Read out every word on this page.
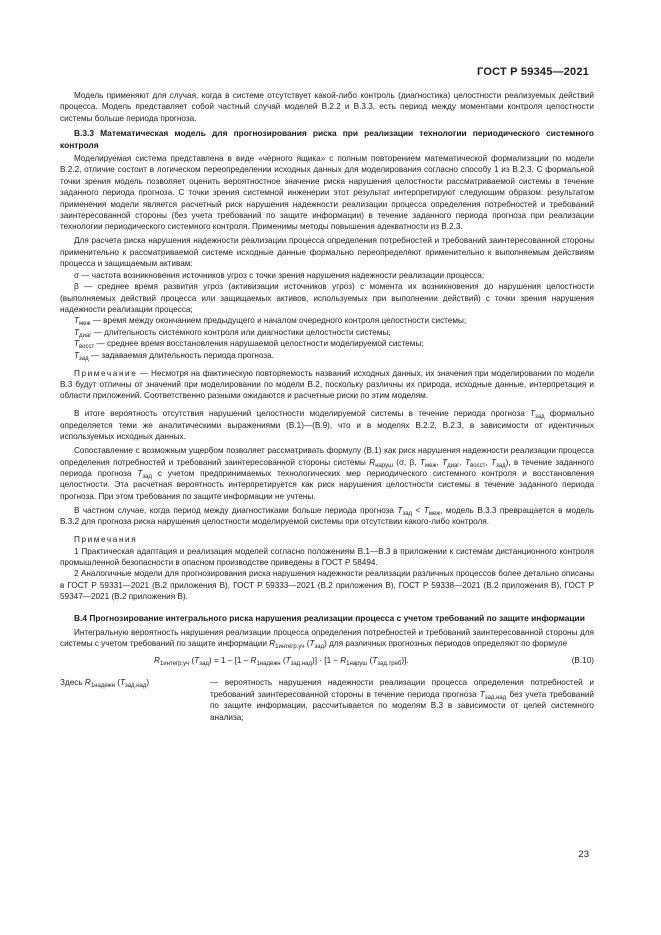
ГОСТ Р 59345—2021

Модель применяют для случая, когда в системе отсутствует какой-либо контроль (диагностика) целостности реализуемых действий процесса. Модель представляет собой частный случай моделей В.2.2 и В.3.3, есть период между моментами контроля целостности системы больше периода прогноза.

В.3.3 Математическая модель для прогнозирования риска при реализации технологии периодического системного контроля

Моделируемая система представлена в виде «черного ящика» с полным повторением математической формализации по модели В.2.2, отличие состоит в логическом переопределении исходных данных для моделирования согласно способу 1 из В.2.3. С формальной точки зрения модель позволяет оценить вероятностное значение риска нарушения целостности рассматриваемой системы в течение заданного периода прогноза. С точки зрения системной инженерии этот результат интерпретируют следующим образом: результатом применения модели является расчетный риск нарушения надежности реализации процесса определения потребностей и требований заинтересованной стороны (без учета требований по защите информации) в течение заданного периода прогноза при реализации технологии периодического системного контроля. Применимы методы повышения адекватности из В.2.3.

Для расчета риска нарушения надежности реализации процесса определения потребностей и требований заинтересованной стороны применительно к рассматриваемой системе исходные данные формально переопределяют применительно к выполняемым действиям процесса и защищаемым активам:

σ — частота возникновения источников угроз с точки зрения нарушения надежности реализации процесса;

β — среднее время развития угроз (активизации источников угроз) с момента их возникновения до нарушения целостности (выполняемых действий процесса или защищаемых активов, используемых при выполнении действий) с точки зрения нарушения надежности реализации процесса;

$T_{меж}$ — время между окончанием предыдущего и началом очередного контроля целостности системы;

$T_{диаг}$ — длительность системного контроля или диагностики целостности системы;

$T_{восст}$ — среднее время восстановления нарушаемой целостности моделируемой системы;

$T_{зад}$ — задаваемая длительность периода прогноза.

Примечание — Несмотря на фактическую повторяемость названий исходных данных, их значения при моделировании по модели В.3 будут отличны от значений при моделировании по модели В.2, поскольку различны их природа, исходные данные, интерпретация и области приложений. Соответственно разными ожидаются и расчетные риски по этим моделям.

В итоге вероятность отсутствия нарушений целостности моделируемой системы в течение периода прогноза $T_{зад}$ формально определяется теми же аналитическими выражениями (В.1)—(В.9), что и в моделях В.2.2, В.2.3, в зависимости от идентичных используемых исходных данных.

Сопоставление с возможным ущербом позволяет рассматривать формулу (В.1) как риск нарушения надежности реализации процесса определения потребностей и требований заинтересованной стороны системы $R_{наруш}$ (σ, β, $T_{меж}$, $T_{диаг}$, $T_{восст}$, $T_{зад}$), в течение заданного периода прогноза $T_{зад}$ с учетом предпринимаемых технологических мер периодического системного контроля и восстановления целостности. Эта расчетная вероятность интерпретируется как риск нарушения целостности системы в течение заданного периода прогноза. При этом требования по защите информации не учтены.

В частном случае, когда период между диагностиками больше периода прогноза $T_{зад} < T_{меж}$, модель В.3.3 превращается в модель В.3.2 для прогноза риска нарушения целостности моделируемой системы при отсутствии какого-либо контроля.

Примечания

1 Практическая адаптация и реализация моделей согласно положениям В.1—В.3 в приложении к системам дистанционного контроля промышленной безопасности в опасном производстве приведены в ГОСТ Р 58494.

2 Аналогичные модели для прогнозирования риска нарушения надежности реализации различных процессов более детально описаны в ГОСТ Р 59331—2021 (В.2 приложения В), ГОСТ Р 59333—2021 (В.2 приложения В), ГОСТ Р 59338—2021 (В.2 приложения В), ГОСТ Р 59347—2021 (В.2 приложения В).

В.4 Прогнозирование интегрального риска нарушения реализации процесса с учетом требований по защите информации

Интегральную вероятность нарушения реализации процесса определения потребностей и требований заинтересованной стороны для системы с учетом требований по защите информации $R_{1интегр.уч}$ $(T_{зад})$ для различных прогнозных периодов определяют по формуле

$R_{1интегр.уч}$ $(T_{зад}) = 1 - [1 - R_{1надежн}$ $(T_{зад.над})] \cdot [1 - R_{1наруш}$ $(T_{зад.треб})$].	(В.10)
Здесь $R_{1надежн}$ $(T_{зад.над})$	— вероятность нарушения надежности реализации процесса определения потребностей и требований заинтересованной стороны в течение периода прогноза $T_{зад.над}$ без учета требований по защите информации, рассчитывается по моделям В.3 в зависимости от целей системного анализа;
23
